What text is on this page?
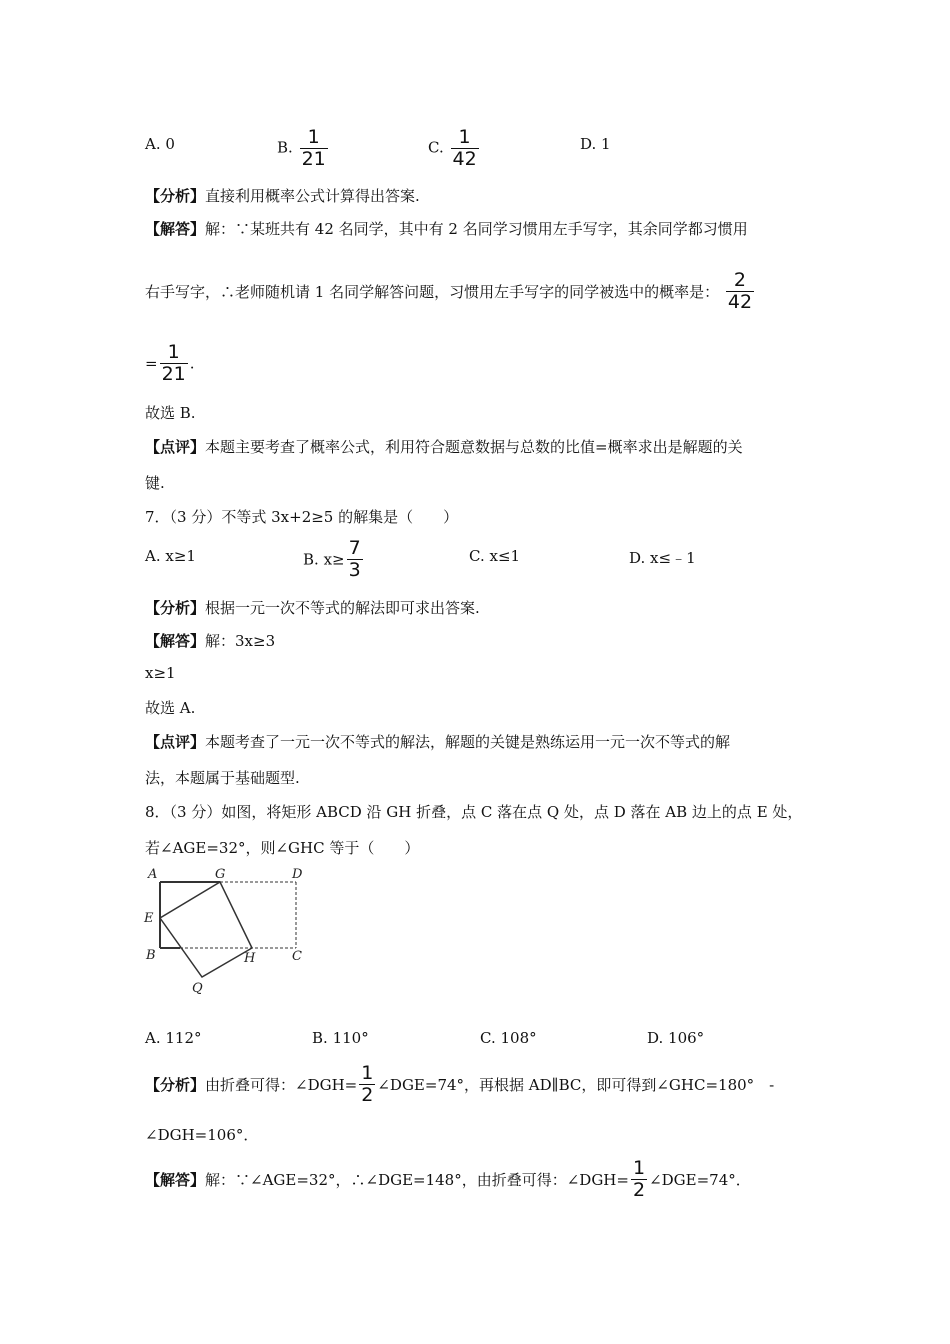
A. 0	B. $\frac{1}{21}$	C. $\frac{1}{42}$	D. 1
【分析】直接利用概率公式计算得出答案.
【解答】解：∵某班共有 42 名同学，其中有 2 名同学习惯用左手写字，其余同学都习惯用
右手写字，∴老师随机请 1 名同学解答问题，习惯用左手写字的同学被选中的概率是： $\frac{2}{42}$
= $\frac{1}{21}$ .
故选 B.
【点评】本题主要考查了概率公式，利用符合题意数据与总数的比值=概率求出是解题的关
键.
7．（3 分）不等式 3x+2≥5 的解集是（　　）
A. x≥1	B. $x\ge \frac{7}{3}$	C. x≤1	D. x≤﹣1
【分析】根据一元一次不等式的解法即可求出答案.
【解答】解：3x≥3
x≥1
故选 A.
【点评】本题考查了一元一次不等式的解法，解题的关键是熟练运用一元一次不等式的解
法，本题属于基础题型.
8．（3 分）如图，将矩形 ABCD 沿 GH 折叠，点 C 落在点 Q 处，点 D 落在 AB 边上的点 E 处，
若∠AGE=32°，则∠GHC 等于（　　）
A	G	D
E
B	H	C
Q
A. 112°	B. 110°	C. 108°	D. 106°
【分析】由折叠可得：∠DGH= $\frac{1}{2}$ ∠DGE=74°，再根据 AD∥BC，即可得到∠GHC=180°　-
∠DGH=106°．
【解答】解：∵∠AGE=32°，∴∠DGE=148°，由折叠可得：∠DGH= $\frac{1}{2}$ ∠DGE=74°．
